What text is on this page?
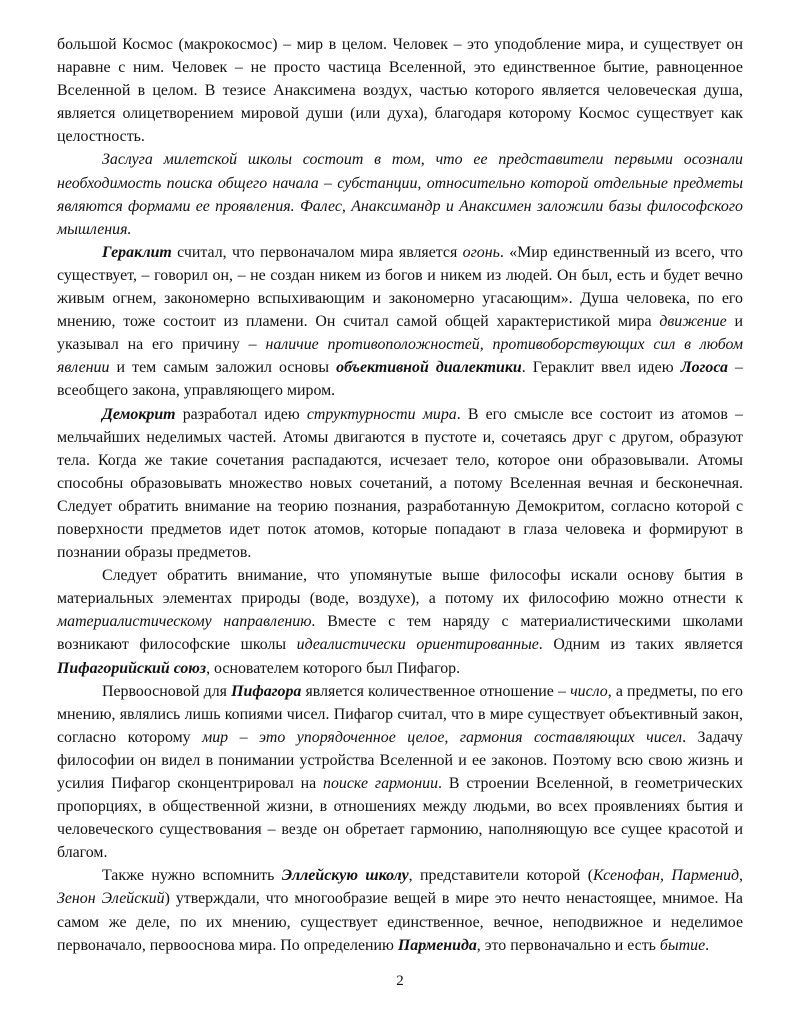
большой Космос (макрокосмос) – мир в целом. Человек – это уподобление мира, и существует он наравне с ним. Человек – не просто частица Вселенной, это единственное бытие, равноценное Вселенной в целом. В тезисе Анаксимена воздух, частью которого является человеческая душа, является олицетворением мировой души (или духа), благодаря которому Космос существует как целостность.

Заслуга милетской школы состоит в том, что ее представители первыми осознали необходимость поиска общего начала – субстанции, относительно которой отдельные предметы являются формами ее проявления. Фалес, Анаксимандр и Анаксимен заложили базы философского мышления.

Гераклит считал, что первоначалом мира является огонь. «Мир единственный из всего, что существует, – говорил он, – не создан никем из богов и никем из людей. Он был, есть и будет вечно живым огнем, закономерно вспыхивающим и закономерно угасающим». Душа человека, по его мнению, тоже состоит из пламени. Он считал самой общей характеристикой мира движение и указывал на его причину – наличие противоположностей, противоборствующих сил в любом явлении и тем самым заложил основы объективной диалектики. Гераклит ввел идею Логоса – всеобщего закона, управляющего миром.

Демокрит разработал идею структурности мира. В его смысле все состоит из атомов – мельчайших неделимых частей. Атомы двигаются в пустоте и, сочетаясь друг с другом, образуют тела. Когда же такие сочетания распадаются, исчезает тело, которое они образовывали. Атомы способны образовывать множество новых сочетаний, а потому Вселенная вечная и бесконечная. Следует обратить внимание на теорию познания, разработанную Демокритом, согласно которой с поверхности предметов идет поток атомов, которые попадают в глаза человека и формируют в познании образы предметов.

Следует обратить внимание, что упомянутые выше философы искали основу бытия в материальных элементах природы (воде, воздухе), а потому их философию можно отнести к материалистическому направлению. Вместе с тем наряду с материалистическими школами возникают философские школы идеалистически ориентированные. Одним из таких является Пифагорийский союз, основателем которого был Пифагор.

Первоосновой для Пифагора является количественное отношение – число, а предметы, по его мнению, являлись лишь копиями чисел. Пифагор считал, что в мире существует объективный закон, согласно которому мир – это упорядоченное целое, гармония составляющих чисел. Задачу философии он видел в понимании устройства Вселенной и ее законов. Поэтому всю свою жизнь и усилия Пифагор сконцентрировал на поиске гармонии. В строении Вселенной, в геометрических пропорциях, в общественной жизни, в отношениях между людьми, во всех проявлениях бытия и человеческого существования – везде он обретает гармонию, наполняющую все сущее красотой и благом.

Также нужно вспомнить Эллейскую школу, представители которой (Ксенофан, Парменид, Зенон Элейский) утверждали, что многообразие вещей в мире это нечто ненастоящее, мнимое. На самом же деле, по их мнению, существует единственное, вечное, неподвижное и неделимое первоначало, первооснова мира. По определению Парменида, это первоначально и есть бытие.

2
